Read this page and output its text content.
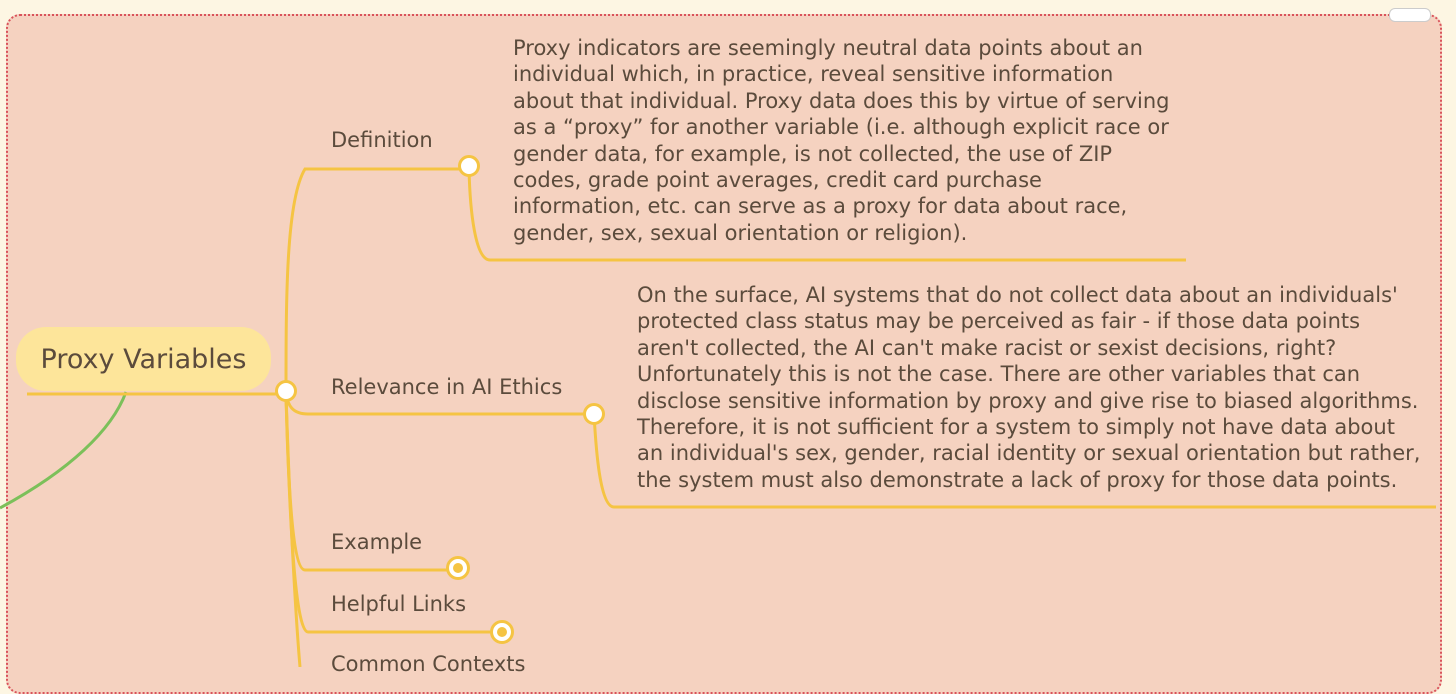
Proxy Variables
Definition
Proxy indicators are seemingly neutral data points about an individual which, in practice, reveal sensitive information about that individual. Proxy data does this by virtue of serving as a “proxy” for another variable (i.e. although explicit race or gender data, for example, is not collected, the use of ZIP codes, grade point averages, credit card purchase information, etc. can serve as a proxy for data about race, gender, sex, sexual orientation or religion).
Relevance in AI Ethics
On the surface, AI systems that do not collect data about an individuals' protected class status may be perceived as fair - if those data points aren't collected, the AI can't make racist or sexist decisions, right? Unfortunately this is not the case. There are other variables that can disclose sensitive information by proxy and give rise to biased algorithms. Therefore, it is not sufficient for a system to simply not have data about an individual's sex, gender, racial identity or sexual orientation but rather, the system must also demonstrate a lack of proxy for those data points.
Example
Helpful Links
Common Contexts
